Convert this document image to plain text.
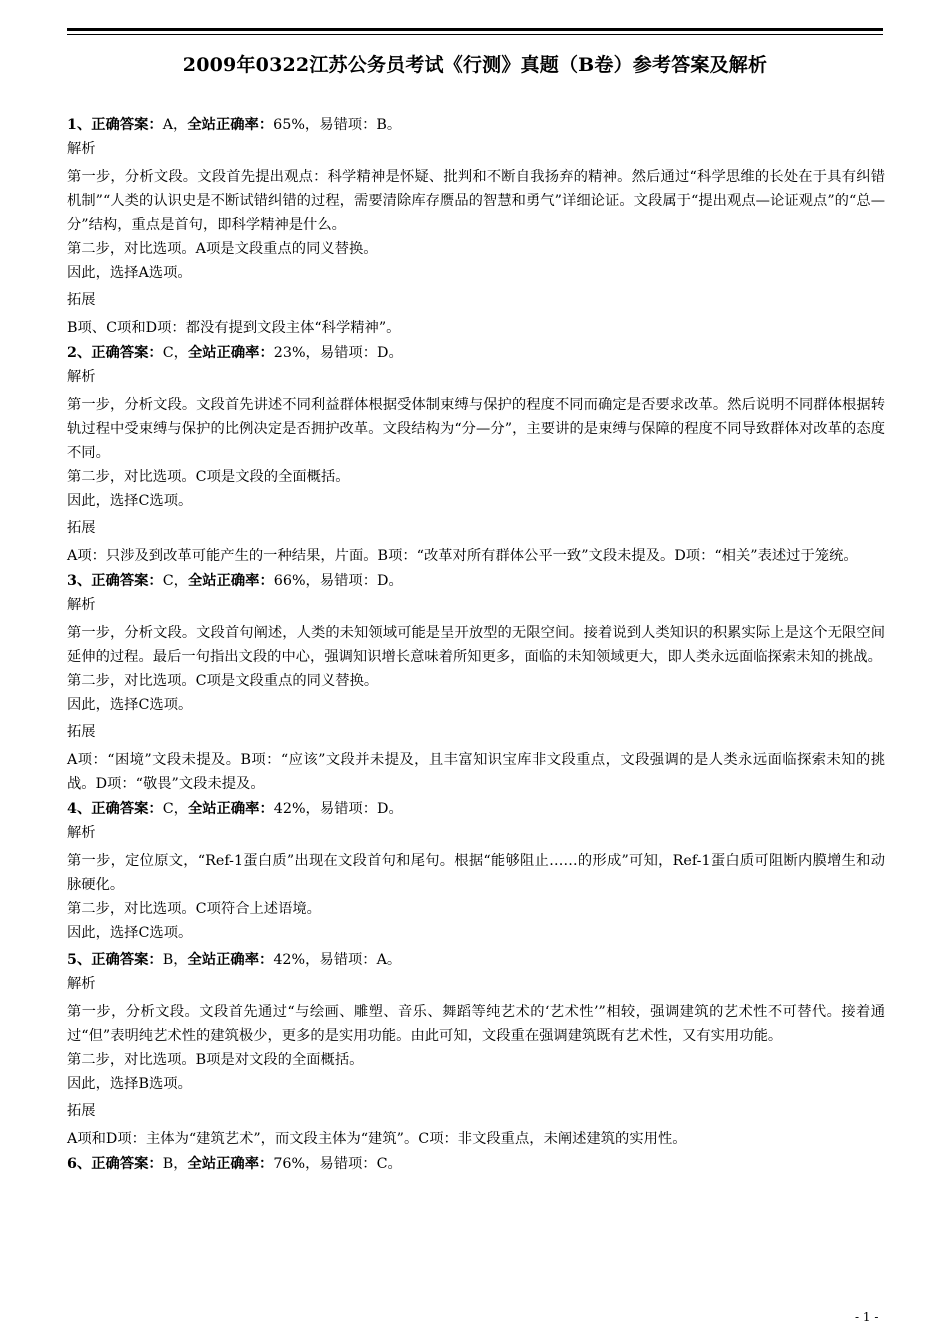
2009年0322江苏公务员考试《行测》真题（B卷）参考答案及解析
1、正确答案：A，全站正确率：65%，易错项：B。
解析
第一步，分析文段。文段首先提出观点：科学精神是怀疑、批判和不断自我扬弃的精神。然后通过“科学思维的长处在于具有纠错机制”“人类的认识史是不断试错纠错的过程，需要清除库存赝品的智慧和勇气”详细论证。文段属于“提出观点—论证观点”的“总—分”结构，重点是首句，即科学精神是什么。
第二步，对比选项。A项是文段重点的同义替换。
因此，选择A选项。
拓展
B项、C项和D项：都没有提到文段主体“科学精神”。
2、正确答案：C，全站正确率：23%，易错项：D。
解析
第一步，分析文段。文段首先讲述不同利益群体根据受体制束缚与保护的程度不同而确定是否要求改革。然后说明不同群体根据转轨过程中受束缚与保护的比例决定是否拥护改革。文段结构为“分—分”，主要讲的是束缚与保障的程度不同导致群体对改革的态度不同。
第二步，对比选项。C项是文段的全面概括。
因此，选择C选项。
拓展
A项：只涉及到改革可能产生的一种结果，片面。B项：“改革对所有群体公平一致”文段未提及。D项：“相关”表述过于笼统。
3、正确答案：C，全站正确率：66%，易错项：D。
解析
第一步，分析文段。文段首句阐述，人类的未知领域可能是呈开放型的无限空间。接着说到人类知识的积累实际上是这个无限空间延伸的过程。最后一句指出文段的中心，强调知识增长意味着所知更多，面临的未知领域更大，即人类永远面临探索未知的挑战。
第二步，对比选项。C项是文段重点的同义替换。
因此，选择C选项。
拓展
A项：“困境”文段未提及。B项：“应该”文段并未提及，且丰富知识宝库非文段重点，文段强调的是人类永远面临探索未知的挑战。D项：“敬畏”文段未提及。
4、正确答案：C，全站正确率：42%，易错项：D。
解析
第一步，定位原文，“Ref-1蛋白质”出现在文段首句和尾句。根据“能够阻止……的形成”可知，Ref-1蛋白质可阻断内膜增生和动脉硬化。
第二步，对比选项。C项符合上述语境。
因此，选择C选项。
5、正确答案：B，全站正确率：42%，易错项：A。
解析
第一步，分析文段。文段首先通过“与绘画、雕塑、音乐、舞蹈等纯艺术的‘艺术性’”相较，强调建筑的艺术性不可替代。接着通过“但”表明纯艺术性的建筑极少，更多的是实用功能。由此可知，文段重在强调建筑既有艺术性，又有实用功能。
第二步，对比选项。B项是对文段的全面概括。
因此，选择B选项。
拓展
A项和D项：主体为“建筑艺术”，而文段主体为“建筑”。C项：非文段重点，未阐述建筑的实用性。
6、正确答案：B，全站正确率：76%，易错项：C。
- 1 -
